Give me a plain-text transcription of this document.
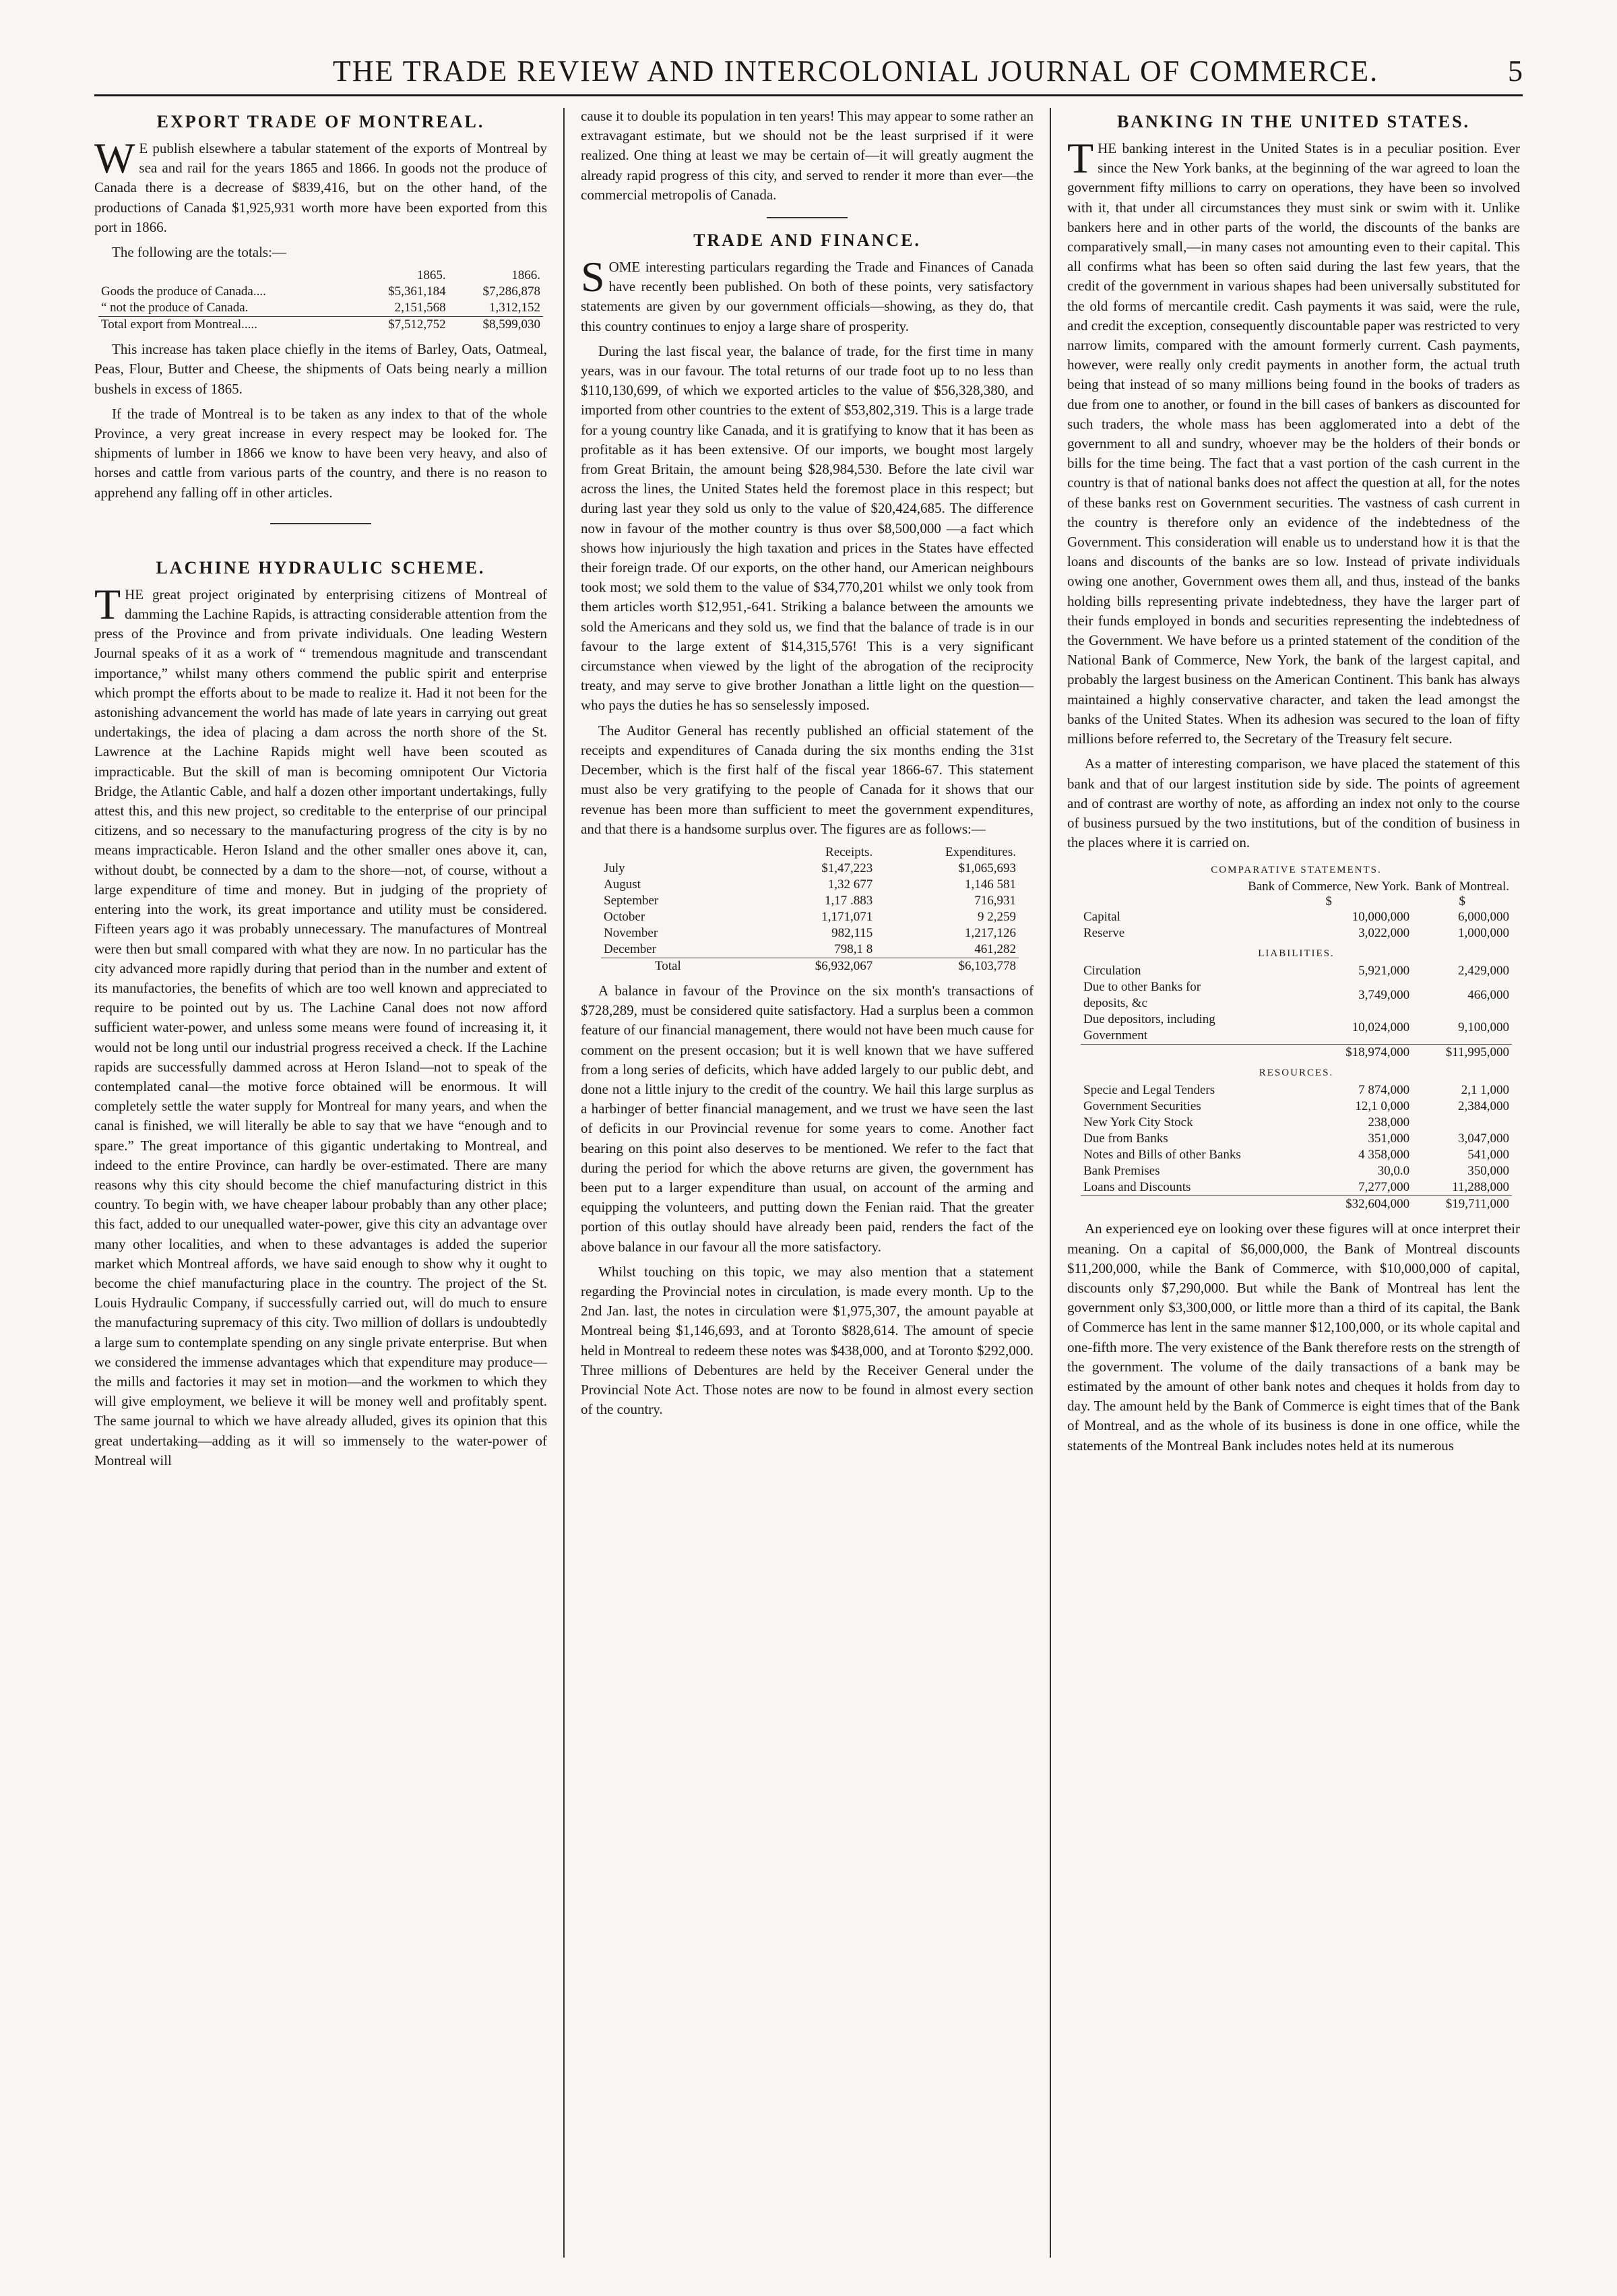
THE TRADE REVIEW AND INTERCOLONIAL JOURNAL OF COMMERCE.	5
EXPORT TRADE OF MONTREAL.

W E publish elsewhere a tabular statement of the exports of Montreal by sea and rail for the years 1865 and 1866. In goods not the produce of Canada there is a decrease of $839,416, but on the other hand, of the productions of Canada $1,925,931 worth more have been exported from this port in 1866.

The following are the totals:—

	1865.	1866.
Goods the produce of Canada....	$5,361,184	$7,286,878
“ not the produce of Canada.	2,151,568	1,312,152
Total export from Montreal.....	$7,512,752	$8,599,030

This increase has taken place chiefly in the items of Barley, Oats, Oatmeal, Peas, Flour, Butter and Cheese, the shipments of Oats being nearly a million bushels in excess of 1865.

If the trade of Montreal is to be taken as any index to that of the whole Province, a very great increase in every respect may be looked for. The shipments of lumber in 1866 we know to have been very heavy, and also of horses and cattle from various parts of the country, and there is no reason to apprehend any falling off in other articles.

LACHINE HYDRAULIC SCHEME.

THE great project originated by enterprising citizens of Montreal of damming the Lachine Rapids, is attracting considerable attention from the press of the Province and from private individuals. One leading Western Journal speaks of it as a work of “ tremendous magnitude and transcendant importance,” whilst many others commend the public spirit and enterprise which prompt the efforts about to be made to realize it. Had it not been for the astonishing advancement the world has made of late years in carrying out great undertakings, the idea of placing a dam across the north shore of the St. Lawrence at the Lachine Rapids might well have been scouted as impracticable. But the skill of man is becoming omnipotent Our Victoria Bridge, the Atlantic Cable, and half a dozen other important undertakings, fully attest this, and this new project, so creditable to the enterprise of our principal citizens, and so necessary to the manufacturing progress of the city is by no means impracticable. Heron Island and the other smaller ones above it, can, without doubt, be connected by a dam to the shore—not, of course, without a large expenditure of time and money. But in judging of the propriety of entering into the work, its great importance and utility must be considered. Fifteen years ago it was probably unnecessary. The manufactures of Montreal were then but small compared with what they are now. In no particular has the city advanced more rapidly during that period than in the number and extent of its manufactories, the benefits of which are too well known and appreciated to require to be pointed out by us. The Lachine Canal does not now afford sufficient water-power, and unless some means were found of increasing it, it would not be long until our industrial progress received a check. If the Lachine rapids are successfully dammed across at Heron Island—not to speak of the contemplated canal—the motive force obtained will be enormous. It will completely settle the water supply for Montreal for many years, and when the canal is finished, we will literally be able to say that we have “enough and to spare.” The great importance of this gigantic undertaking to Montreal, and indeed to the entire Province, can hardly be over-estimated. There are many reasons why this city should become the chief manufacturing district in this country. To begin with, we have cheaper labour probably than any other place; this fact, added to our unequalled water-power, give this city an advantage over many other localities, and when to these advantages is added the superior market which Montreal affords, we have said enough to show why it ought to become the chief manufacturing place in the country. The project of the St. Louis Hydraulic Company, if successfully carried out, will do much to ensure the manufacturing supremacy of this city. Two million of dollars is undoubtedly a large sum to contemplate spending on any single private enterprise. But when we considered the immense advantages which that expenditure may produce—the mills and factories it may set in motion—and the workmen to which they will give employment, we believe it will be money well and profitably spent. The same journal to which we have already alluded, gives its opinion that this great undertaking—adding as it will so immensely to the water-power of Montreal will

cause it to double its population in ten years! This may appear to some rather an extravagant estimate, but we should not be the least surprised if it were realized. One thing at least we may be certain of—it will greatly augment the already rapid progress of this city, and served to render it more than ever—the commercial metropolis of Canada.

TRADE AND FINANCE.

SOME interesting particulars regarding the Trade and Finances of Canada have recently been published. On both of these points, very satisfactory statements are given by our government officials—showing, as they do, that this country continues to enjoy a large share of prosperity.

During the last fiscal year, the balance of trade, for the first time in many years, was in our favour. The total returns of our trade foot up to no less than $110,130,699, of which we exported articles to the value of $56,328,380, and imported from other countries to the extent of $53,802,319. This is a large trade for a young country like Canada, and it is gratifying to know that it has been as profitable as it has been extensive. Of our imports, we bought most largely from Great Britain, the amount being $28,984,530. Before the late civil war across the lines, the United States held the foremost place in this respect; but during last year they sold us only to the value of $20,424,685. The difference now in favour of the mother country is thus over $8,500,000 —a fact which shows how injuriously the high taxation and prices in the States have effected their foreign trade. Of our exports, on the other hand, our American neighbours took most; we sold them to the value of $34,770,201 whilst we only took from them articles worth $12,951,-641. Striking a balance between the amounts we sold the Americans and they sold us, we find that the balance of trade is in our favour to the large extent of $14,315,576! This is a very significant circumstance when viewed by the light of the abrogation of the reciprocity treaty, and may serve to give brother Jonathan a little light on the question—who pays the duties he has so senselessly imposed.

The Auditor General has recently published an official statement of the receipts and expenditures of Canada during the six months ending the 31st December, which is the first half of the fiscal year 1866-67. This statement must also be very gratifying to the people of Canada for it shows that our revenue has been more than sufficient to meet the government expenditures, and that there is a handsome surplus over. The figures are as follows:—

	Receipts.	Expenditures.
July	$1,47,223	$1,065,693
August	1,32 677	1,146 581
September	1,17 .883	716,931
October	1,171,071	9 2,259
November	982,115	1,217,126
December	798,1 8	461,282
Total	$6,932,067	$6,103,778

A balance in favour of the Province on the six month's transactions of $728,289, must be considered quite satisfactory. Had a surplus been a common feature of our financial management, there would not have been much cause for comment on the present occasion; but it is well known that we have suffered from a long series of deficits, which have added largely to our public debt, and done not a little injury to the credit of the country. We hail this large surplus as a harbinger of better financial management, and we trust we have seen the last of deficits in our Provincial revenue for some years to come. Another fact bearing on this point also deserves to be mentioned. We refer to the fact that during the period for which the above returns are given, the government has been put to a larger expenditure than usual, on account of the arming and equipping the volunteers, and putting down the Fenian raid. That the greater portion of this outlay should have already been paid, renders the fact of the above balance in our favour all the more satisfactory.

Whilst touching on this topic, we may also mention that a statement regarding the Provincial notes in circulation, is made every month. Up to the 2nd Jan. last, the notes in circulation were $1,975,307, the amount payable at Montreal being $1,146,693, and at Toronto $828,614. The amount of specie held in Montreal to redeem these notes was $438,000, and at Toronto $292,000. Three millions of Debentures are held by the Receiver General under the Provincial Note Act. Those notes are now to be found in almost every section of the country.

BANKING IN THE UNITED STATES.

THE banking interest in the United States is in a peculiar position. Ever since the New York banks, at the beginning of the war agreed to loan the government fifty millions to carry on operations, they have been so involved with it, that under all circumstances they must sink or swim with it. Unlike bankers here and in other parts of the world, the discounts of the banks are comparatively small,—in many cases not amounting even to their capital. This all confirms what has been so often said during the last few years, that the credit of the government in various shapes had been universally substituted for the old forms of mercantile credit. Cash payments it was said, were the rule, and credit the exception, consequently discountable paper was restricted to very narrow limits, compared with the amount formerly current. Cash payments, however, were really only credit payments in another form, the actual truth being that instead of so many millions being found in the books of traders as due from one to another, or found in the bill cases of bankers as discounted for such traders, the whole mass has been agglomerated into a debt of the government to all and sundry, whoever may be the holders of their bonds or bills for the time being. The fact that a vast portion of the cash current in the country is that of national banks does not affect the question at all, for the notes of these banks rest on Government securities. The vastness of cash current in the country is therefore only an evidence of the indebtedness of the Government. This consideration will enable us to understand how it is that the loans and discounts of the banks are so low. Instead of private individuals owing one another, Government owes them all, and thus, instead of the banks holding bills representing private indebtedness, they have the larger part of their funds employed in bonds and securities representing the indebtedness of the Government. We have before us a printed statement of the condition of the National Bank of Commerce, New York, the bank of the largest capital, and probably the largest business on the American Continent. This bank has always maintained a highly conservative character, and taken the lead amongst the banks of the United States. When its adhesion was secured to the loan of fifty millions before referred to, the Secretary of the Treasury felt secure.

As a matter of interesting comparison, we have placed the statement of this bank and that of our largest institution side by side. The points of agreement and of contrast are worthy of note, as affording an index not only to the course of business pursued by the two institutions, but of the condition of business in the places where it is carried on.

COMPARATIVE STATEMENTS.		
	Bank of Commerce, New York.	Bank of Montreal.
	$	$
Capital	10,000,000	6,000,000
Reserve	3,022,000	1,000,000
LIABILITIES.		
Circulation	5,921,000	2,429,000
Due to other Banks for deposits, &c	3,749,000	466,000
Due depositors, including Government	10,024,000	9,100,000
	$18,974,000	$11,995,000
RESOURCES.		
Specie and Legal Tenders	7 874,000	2,1 1,000
Government Securities	12,1 0,000	2,384,000
New York City Stock	238,000	
Due from Banks	351,000	3,047,000
Notes and Bills of other Banks	4 358,000	541,000
Bank Premises	30,0.0	350,000
Loans and Discounts	7,277,000	11,288,000
	$32,604,000	$19,711,000

An experienced eye on looking over these figures will at once interpret their meaning. On a capital of $6,000,000, the Bank of Montreal discounts $11,200,000, while the Bank of Commerce, with $10,000,000 of capital, discounts only $7,290,000. But while the Bank of Montreal has lent the government only $3,300,000, or little more than a third of its capital, the Bank of Commerce has lent in the same manner $12,100,000, or its whole capital and one-fifth more. The very existence of the Bank therefore rests on the strength of the government. The volume of the daily transactions of a bank may be estimated by the amount of other bank notes and cheques it holds from day to day. The amount held by the Bank of Commerce is eight times that of the Bank of Montreal, and as the whole of its business is done in one office, while the statements of the Montreal Bank includes notes held at its numerous
